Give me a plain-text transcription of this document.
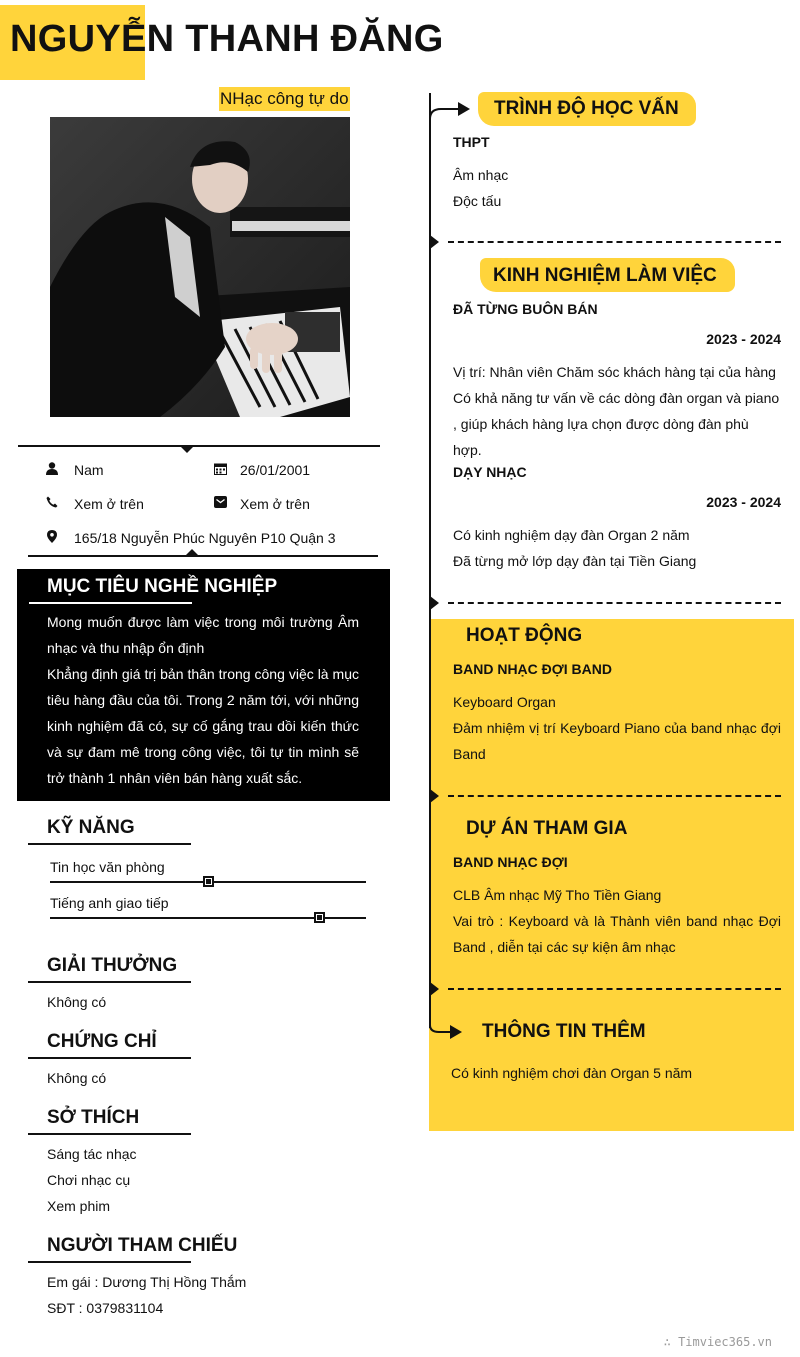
NGUYỄN THANH ĐĂNG
NHạc công tự do
Nam	26/01/2001
Xem ở trên	Xem ở trên
165/18 Nguyễn Phúc Nguyên P10 Quận 3
MỤC TIÊU NGHỀ NGHIỆP
Mong muốn được làm việc trong môi trường Âm nhạc và thu nhập ổn định
Khẳng định giá trị bản thân trong công việc là mục tiêu hàng đầu của tôi. Trong 2 năm tới, với những kinh nghiệm đã có, sự cố gắng trau dồi kiến thức và sự đam mê trong công việc, tôi tự tin mình sẽ trở thành 1 nhân viên bán hàng xuất sắc.
KỸ NĂNG
Tin học văn phòng
Tiếng anh giao tiếp
GIẢI THƯỞNG
Không có
CHỨNG CHỈ
Không có
SỞ THÍCH
Sáng tác nhạc
Chơi nhạc cụ
Xem phim
NGƯỜI THAM CHIẾU
Em gái : Dương Thị Hồng Thắm
SĐT : 0379831104
TRÌNH ĐỘ HỌC VẤN
THPT
Âm nhạc
Độc tấu
KINH NGHIỆM LÀM VIỆC
ĐÃ TỪNG BUÔN BÁN
2023 - 2024
Vị trí: Nhân viên Chăm sóc khách hàng tại của hàng
Có khả năng tư vấn về các dòng đàn organ và piano , giúp khách hàng lựa chọn được dòng đàn phù hợp.
DẠY NHẠC
2023 - 2024
Có kinh nghiệm dạy đàn Organ 2 năm
Đã từng mở lớp dạy đàn tại Tiền Giang
HOẠT ĐỘNG
BAND NHẠC ĐỢI BAND
Keyboard Organ
Đảm nhiệm vị trí Keyboard Piano của band nhạc đợi Band
DỰ ÁN THAM GIA
BAND NHẠC ĐỢI
CLB Âm nhạc Mỹ Tho Tiền Giang
Vai trò : Keyboard và là Thành viên band nhạc Đợi Band , diễn tại các sự kiện âm nhạc
THÔNG TIN THÊM
Có kinh nghiệm chơi đàn Organ 5 năm
∴ Timviec365.vn
